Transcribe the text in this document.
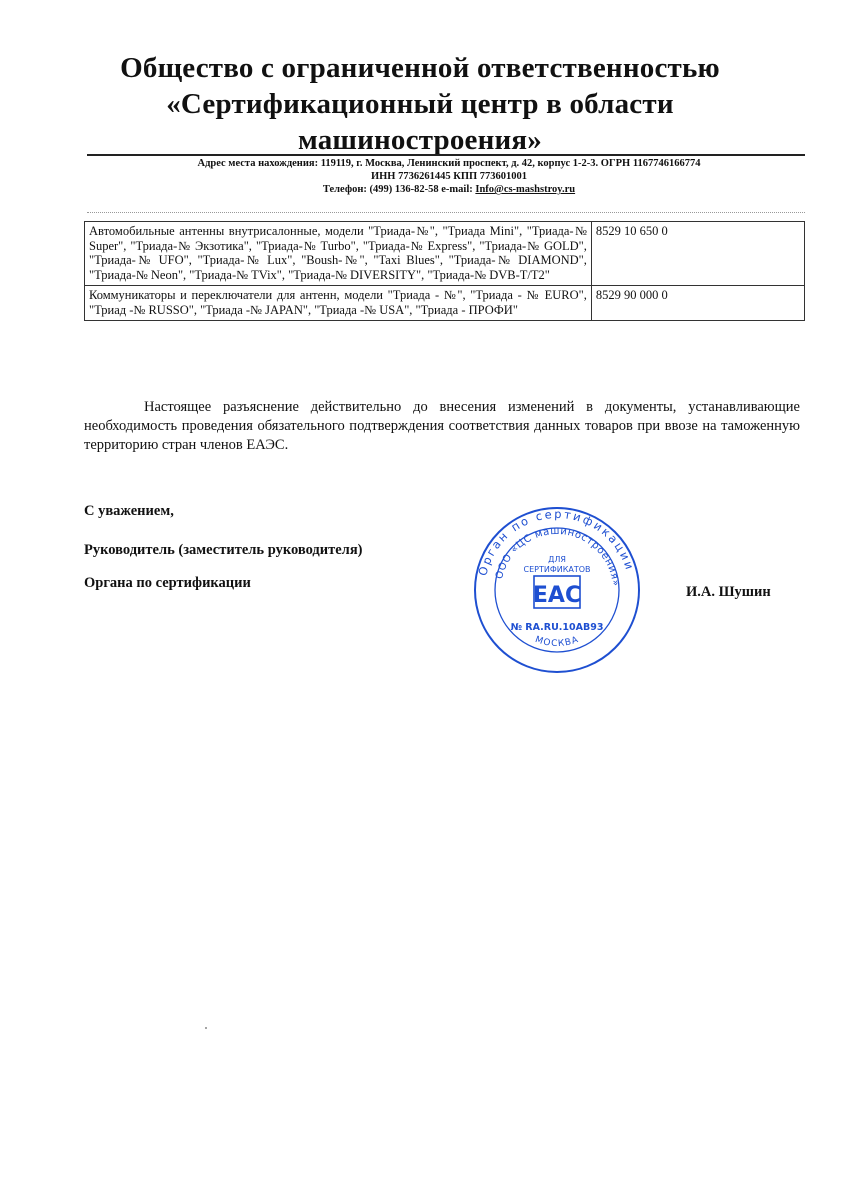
Общество с ограниченной ответственностью «Сертификационный центр в области машиностроения»
Адрес места нахождения: 119119, г. Москва, Ленинский проспект, д. 42, корпус 1-2-3. ОГРН 1167746166774
ИНН 7736261445 КПП 773601001
Телефон: (499) 136-82-58 e-mail: Info@cs-mashstroy.ru
Автомобильные антенны внутрисалонные, модели "Триада-№", "Триада Mini", "Триада-№ Super", "Триада-№ Экзотика", "Триада-№ Turbo", "Триада-№ Express", "Триада-№ GOLD", "Триада-№ UFO", "Триада-№ Lux", "Boush-№", "Taxi Blues", "Триада-№ DIAMOND", "Триада-№ Neon", "Триада-№ TVix", "Триада-№ DIVERSITY", "Триада-№ DVB-T/T2"	8529 10 650 0
Коммуникаторы и переключатели для антенн, модели "Триада - №", "Триада - № EURO", "Триад -№ RUSSO", "Триада -№ JAPAN", "Триада -№ USA", "Триада - ПРОФИ"	8529 90 000 0
Настоящее разъяснение действительно до внесения изменений в документы, устанавливающие необходимость проведения обязательного подтверждения соответствия данных товаров при ввозе на таможенную территорию стран членов ЕАЭС.
С уважением,
Руководитель (заместитель руководителя)
Органа по сертификации
И.А. Шушин
Орган по сертификации
ООО «ЦС машиностроения»
ДЛЯ
СЕРТИФИКАТОВ
ЕАС
№ RA.RU.10АВ93
МОСКВА
